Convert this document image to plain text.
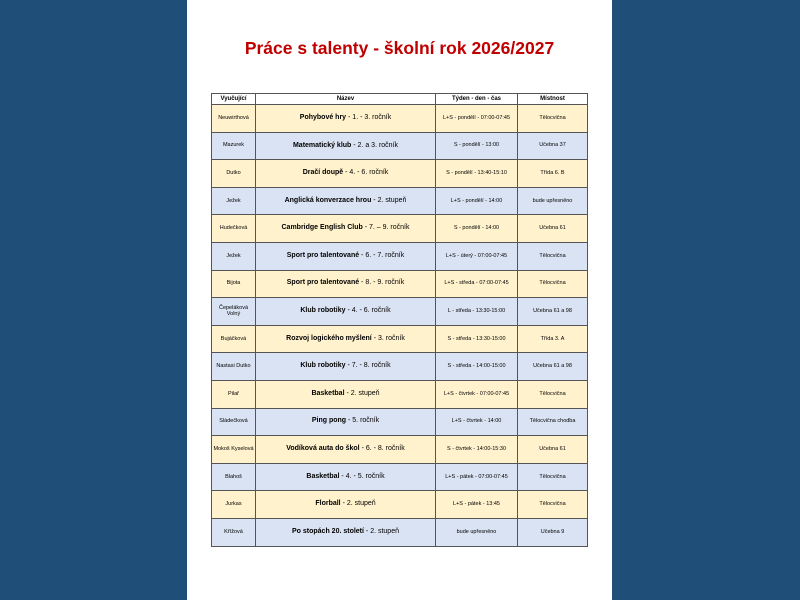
Práce s talenty - školní rok 2026/2027
Vyučující	Název	Týden - den - čas	Místnost
Neuwirthová	Pohybové hry - 1. - 3. ročník	L+S - pondělí - 07:00-07:45	Tělocvična
Mazurek	Matematický klub - 2. a 3. ročník	S - pondělí - 13:00	Učebna 37
Dutko	Dračí doupě - 4. - 6. ročník	S - pondělí - 13:40-15:10	Třída 6. B
Ježek	Anglická konverzace hrou - 2. stupeň	L+S - pondělí - 14:00	bude upřesněno
Hudečková	Cambridge English Club - 7. – 9. ročník	S - pondělí - 14:00	Učebna 61
Ježek	Sport pro talentované - 6. - 7. ročník	L+S - úterý - 07:00-07:45	Tělocvična
Bijota	Sport pro talentované - 8. - 9. ročník	L+S - středa - 07:00-07:45	Tělocvična
Čepeláková Volný	Klub robotiky - 4. - 6. ročník	L - středa - 13:30-15:00	Učebna 61 a 98
Bujáčková	Rozvoj logického myšlení - 3. ročník	S - středa - 13:30-15:00	Třída 3. A
Nastasi Dutko	Klub robotiky - 7. - 8. ročník	S - středa - 14:00-15:00	Učebna 61 a 98
Pilař	Basketbal - 2. stupeň	L+S - čtvrtek - 07:00-07:45	Tělocvična
Sládečková	Ping pong - 5. ročník	L+S - čtvrtek - 14:00	Tělocvična chodba
Mokoš Kyselová	Vodíková auta do škol - 6. - 8. ročník	S - čtvrtek - 14:00-15:30	Učebna 61
Blahoš	Basketbal - 4. - 5. ročník	L+S - pátek - 07:00-07:45	Tělocvična
Jurkas	Florball - 2. stupeň	L+S - pátek - 13:45	Tělocvična
Křížová	Po stopách 20. století - 2. stupeň	bude upřesněno	Učebna 9
